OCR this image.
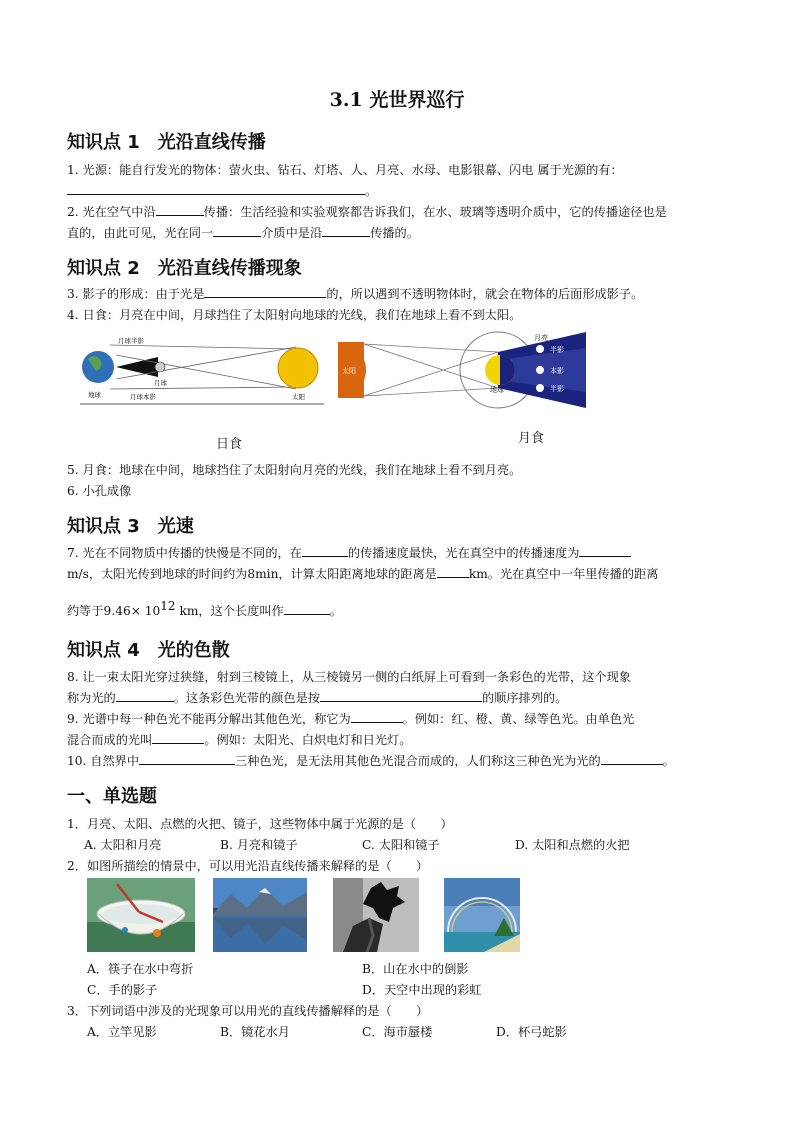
3.1 光世界巡行
知识点 1　光沿直线传播
1. 光源：能自行发光的物体：萤火虫、钻石、灯塔、人、月亮、水母、电影银幕、闪电 属于光源的有：
。
2. 光在空气中沿	传播：生活经验和实验观察都告诉我们，在水、玻璃等透明介质中，它的传播途径也是
直的，由此可见，光在同一	介质中是沿	传播的。
知识点 2　光沿直线传播现象
3. 影子的形成：由于光是	的，所以遇到不透明物体时，就会在物体的后面形成影子。
4. 日食：月亮在中间，月球挡住了太阳射向地球的光线，我们在地球上看不到太阳。
月球半影
地球
月球
月球本影	太阳
日食
太阳
地球
月亮
半影
本影
半影
月食
5. 月食：地球在中间，地球挡住了太阳射向月亮的光线，我们在地球上看不到月亮。
6. 小孔成像
知识点 3　光速
7. 光在不同物质中传播的快慢是不同的，在	的传播速度最快，光在真空中的传播速度为
m/s，太阳光传到地球的时间约为8min，计算太阳距离地球的距离是	km。光在真空中一年里传播的距离
约等于$9.46\times 10^{12}$ km，这个长度叫作	。
知识点 4　光的色散
8. 让一束太阳光穿过狭缝，射到三棱镜上，从三棱镜另一侧的白纸屏上可看到一条彩色的光带，这个现象
称为光的	。这条彩色光带的颜色是按	的顺序排列的。
9. 光谱中每一种色光不能再分解出其他色光，称它为	。例如：红、橙、黄、绿等色光。由单色光
混合而成的光叫	。例如：太阳光、白炽电灯和日光灯。
10. 自然界中	三种色光，是无法用其他色光混合而成的，人们称这三种色光为光的	。
一、单选题
1．月亮、太阳、点燃的火把、镜子，这些物体中属于光源的是（　　）
A. 太阳和月亮	B. 月亮和镜子	C. 太阳和镜子	D. 太阳和点燃的火把
2．如图所描绘的情景中，可以用光沿直线传播来解释的是（　　）
A．筷子在水中弯折	B．山在水中的倒影
C．手的影子	D．天空中出现的彩虹
3．下列词语中涉及的光现象可以用光的直线传播解释的是（　　）
A．立竿见影	B．镜花水月	C．海市蜃楼	D．杯弓蛇影
